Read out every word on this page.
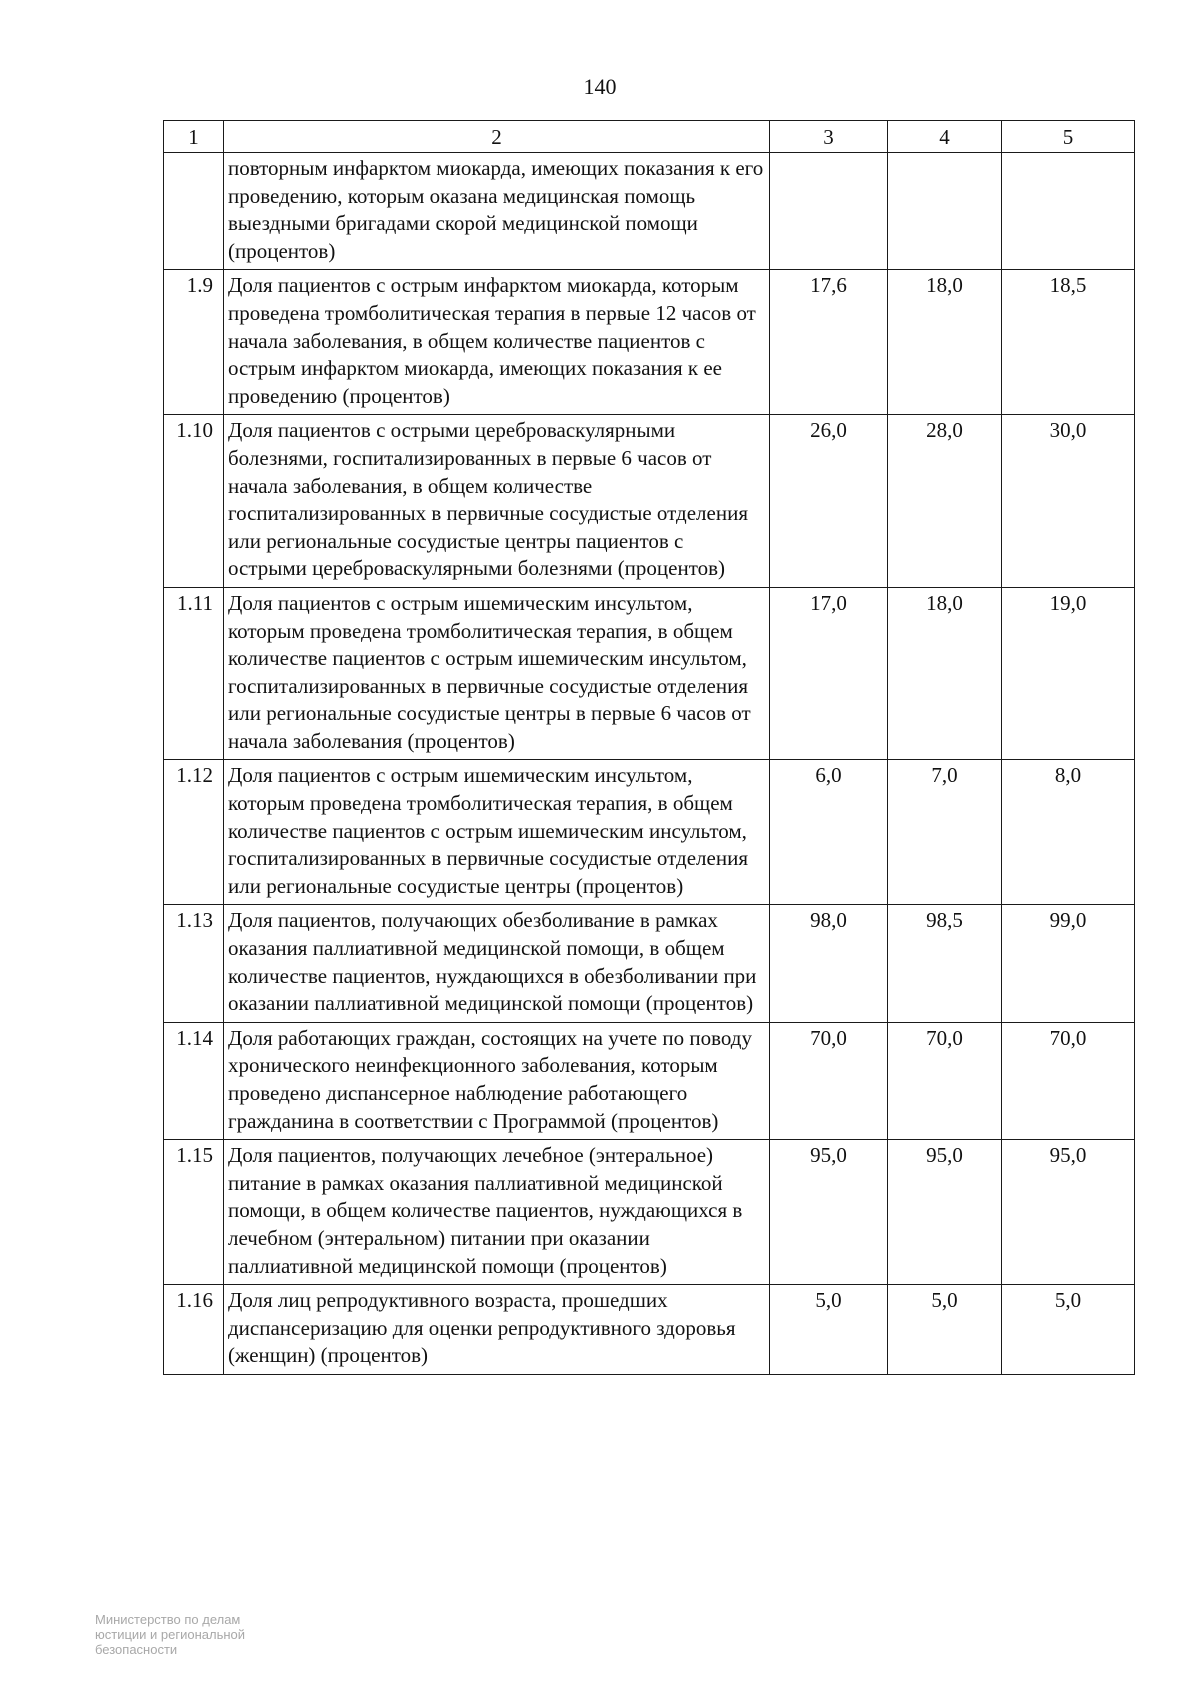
140
1	2	3	4	5
	повторным инфарктом миокарда, имеющих показания к его проведению, которым оказана медицинская помощь выездными бригадами скорой медицинской помощи (процентов)			
1.9	Доля пациентов с острым инфарктом миокарда, которым проведена тромболитическая терапия в первые 12 часов от начала заболевания, в общем количестве пациентов с острым инфарктом миокарда, имеющих показания к ее проведению (процентов)	17,6	18,0	18,5
1.10	Доля пациентов с острыми цереброваскулярными болезнями, госпитализированных в первые 6 часов от начала заболевания, в общем количестве госпитализированных в первичные сосудистые отделения или региональные сосудистые центры пациентов с острыми цереброваскулярными болезнями (процентов)	26,0	28,0	30,0
1.11	Доля пациентов с острым ишемическим инсультом, которым проведена тромболитическая терапия, в общем количестве пациентов с острым ишемическим инсультом, госпитализированных в первичные сосудистые отделения или региональные сосудистые центры в первые 6 часов от начала заболевания (процентов)	17,0	18,0	19,0
1.12	Доля пациентов с острым ишемическим инсультом, которым проведена тромболитическая терапия, в общем количестве пациентов с острым ишемическим инсультом, госпитализированных в первичные сосудистые отделения или региональные сосудистые центры (процентов)	6,0	7,0	8,0
1.13	Доля пациентов, получающих обезболивание в рамках оказания паллиативной медицинской помощи, в общем количестве пациентов, нуждающихся в обезболивании при оказании паллиативной медицинской помощи (процентов)	98,0	98,5	99,0
1.14	Доля работающих граждан, состоящих на учете по поводу хронического неинфекционного заболевания, которым проведено диспансерное наблюдение работающего гражданина в соответствии с Программой (процентов)	70,0	70,0	70,0
1.15	Доля пациентов, получающих лечебное (энтеральное) питание в рамках оказания паллиативной медицинской помощи, в общем количестве пациентов, нуждающихся в лечебном (энтеральном) питании при оказании паллиативной медицинской помощи (процентов)	95,0	95,0	95,0
1.16	Доля лиц репродуктивного возраста, прошедших диспансеризацию для оценки репродуктивного здоровья (женщин) (процентов)	5,0	5,0	5,0
Министерство по делам
юстиции и региональной
безопасности
